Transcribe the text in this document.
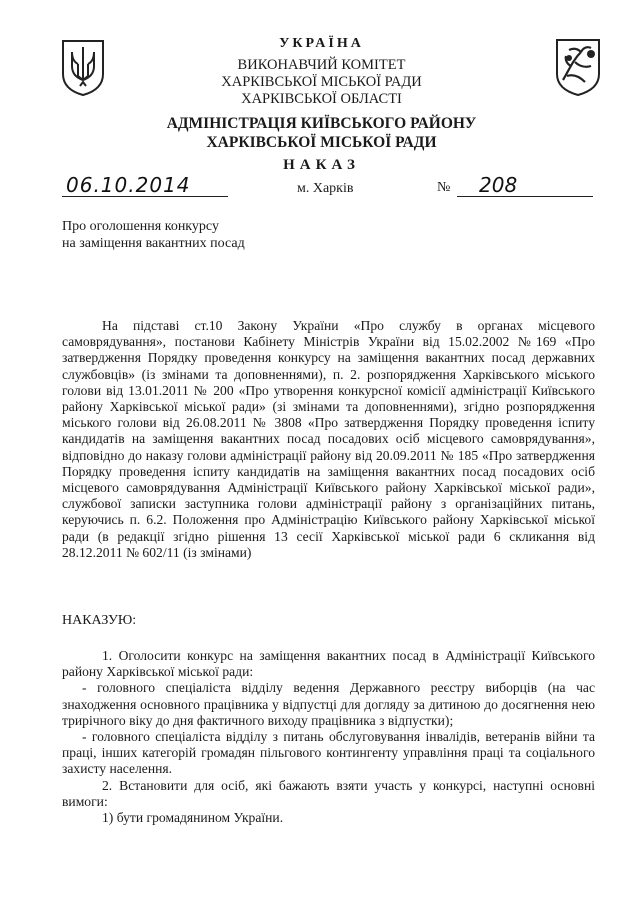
УКРАЇНА
ВИКОНАВЧИЙ КОМІТЕТ
ХАРКІВСЬКОЇ МІСЬКОЇ РАДИ
ХАРКІВСЬКОЇ ОБЛАСТІ
АДМІНІСТРАЦІЯ КИЇВСЬКОГО РАЙОНУ
ХАРКІВСЬКОЇ МІСЬКОЇ РАДИ
НАКАЗ
06.10.2014	м. Харків	№ 208
Про оголошення конкурсу
на заміщення вакантних посад
На підставі ст.10 Закону України «Про службу в органах місцевого самоврядування», постанови Кабінету Міністрів України від 15.02.2002 №169 «Про затвердження Порядку проведення конкурсу на заміщення вакантних посад державних службовців» (із змінами та доповненнями), п. 2. розпорядження Харківського міського голови від 13.01.2011 № 200 «Про утворення конкурсної комісії адміністрації Київського району Харківської міської ради» (зі змінами та доповненнями), згідно розпорядження міського голови від 26.08.2011 № 3808 «Про затвердження Порядку проведення іспиту кандидатів на заміщення вакантних посад посадових осіб місцевого самоврядування», відповідно до наказу голови адміністрації району від 20.09.2011 № 185 «Про затвердження Порядку проведення іспиту кандидатів на заміщення вакантних посад посадових осіб місцевого самоврядування Адміністрації Київського району Харківської міської ради», службової записки заступника голови адміністрації району з організаційних питань, керуючись п. 6.2. Положення про Адміністрацію Київського району Харківської міської ради (в редакції згідно рішення 13 сесії Харківської міської ради 6 скликання від 28.12.2011 № 602/11 (із змінами)
НАКАЗУЮ:

1. Оголосити конкурс на заміщення вакантних посад в Адміністрації Київського району Харківської міської ради:

- головного спеціаліста відділу ведення Державного реєстру виборців (на час знаходження основного працівника у відпустці для догляду за дитиною до досягнення нею трирічного віку до дня фактичного виходу працівника з відпустки);

- головного спеціаліста відділу з питань обслуговування інвалідів, ветеранів війни та праці, інших категорій громадян пільгового контингенту управління праці та соціального захисту населення.

2. Встановити для осіб, які бажають взяти участь у конкурсі, наступні основні вимоги:

1) бути громадянином України.
